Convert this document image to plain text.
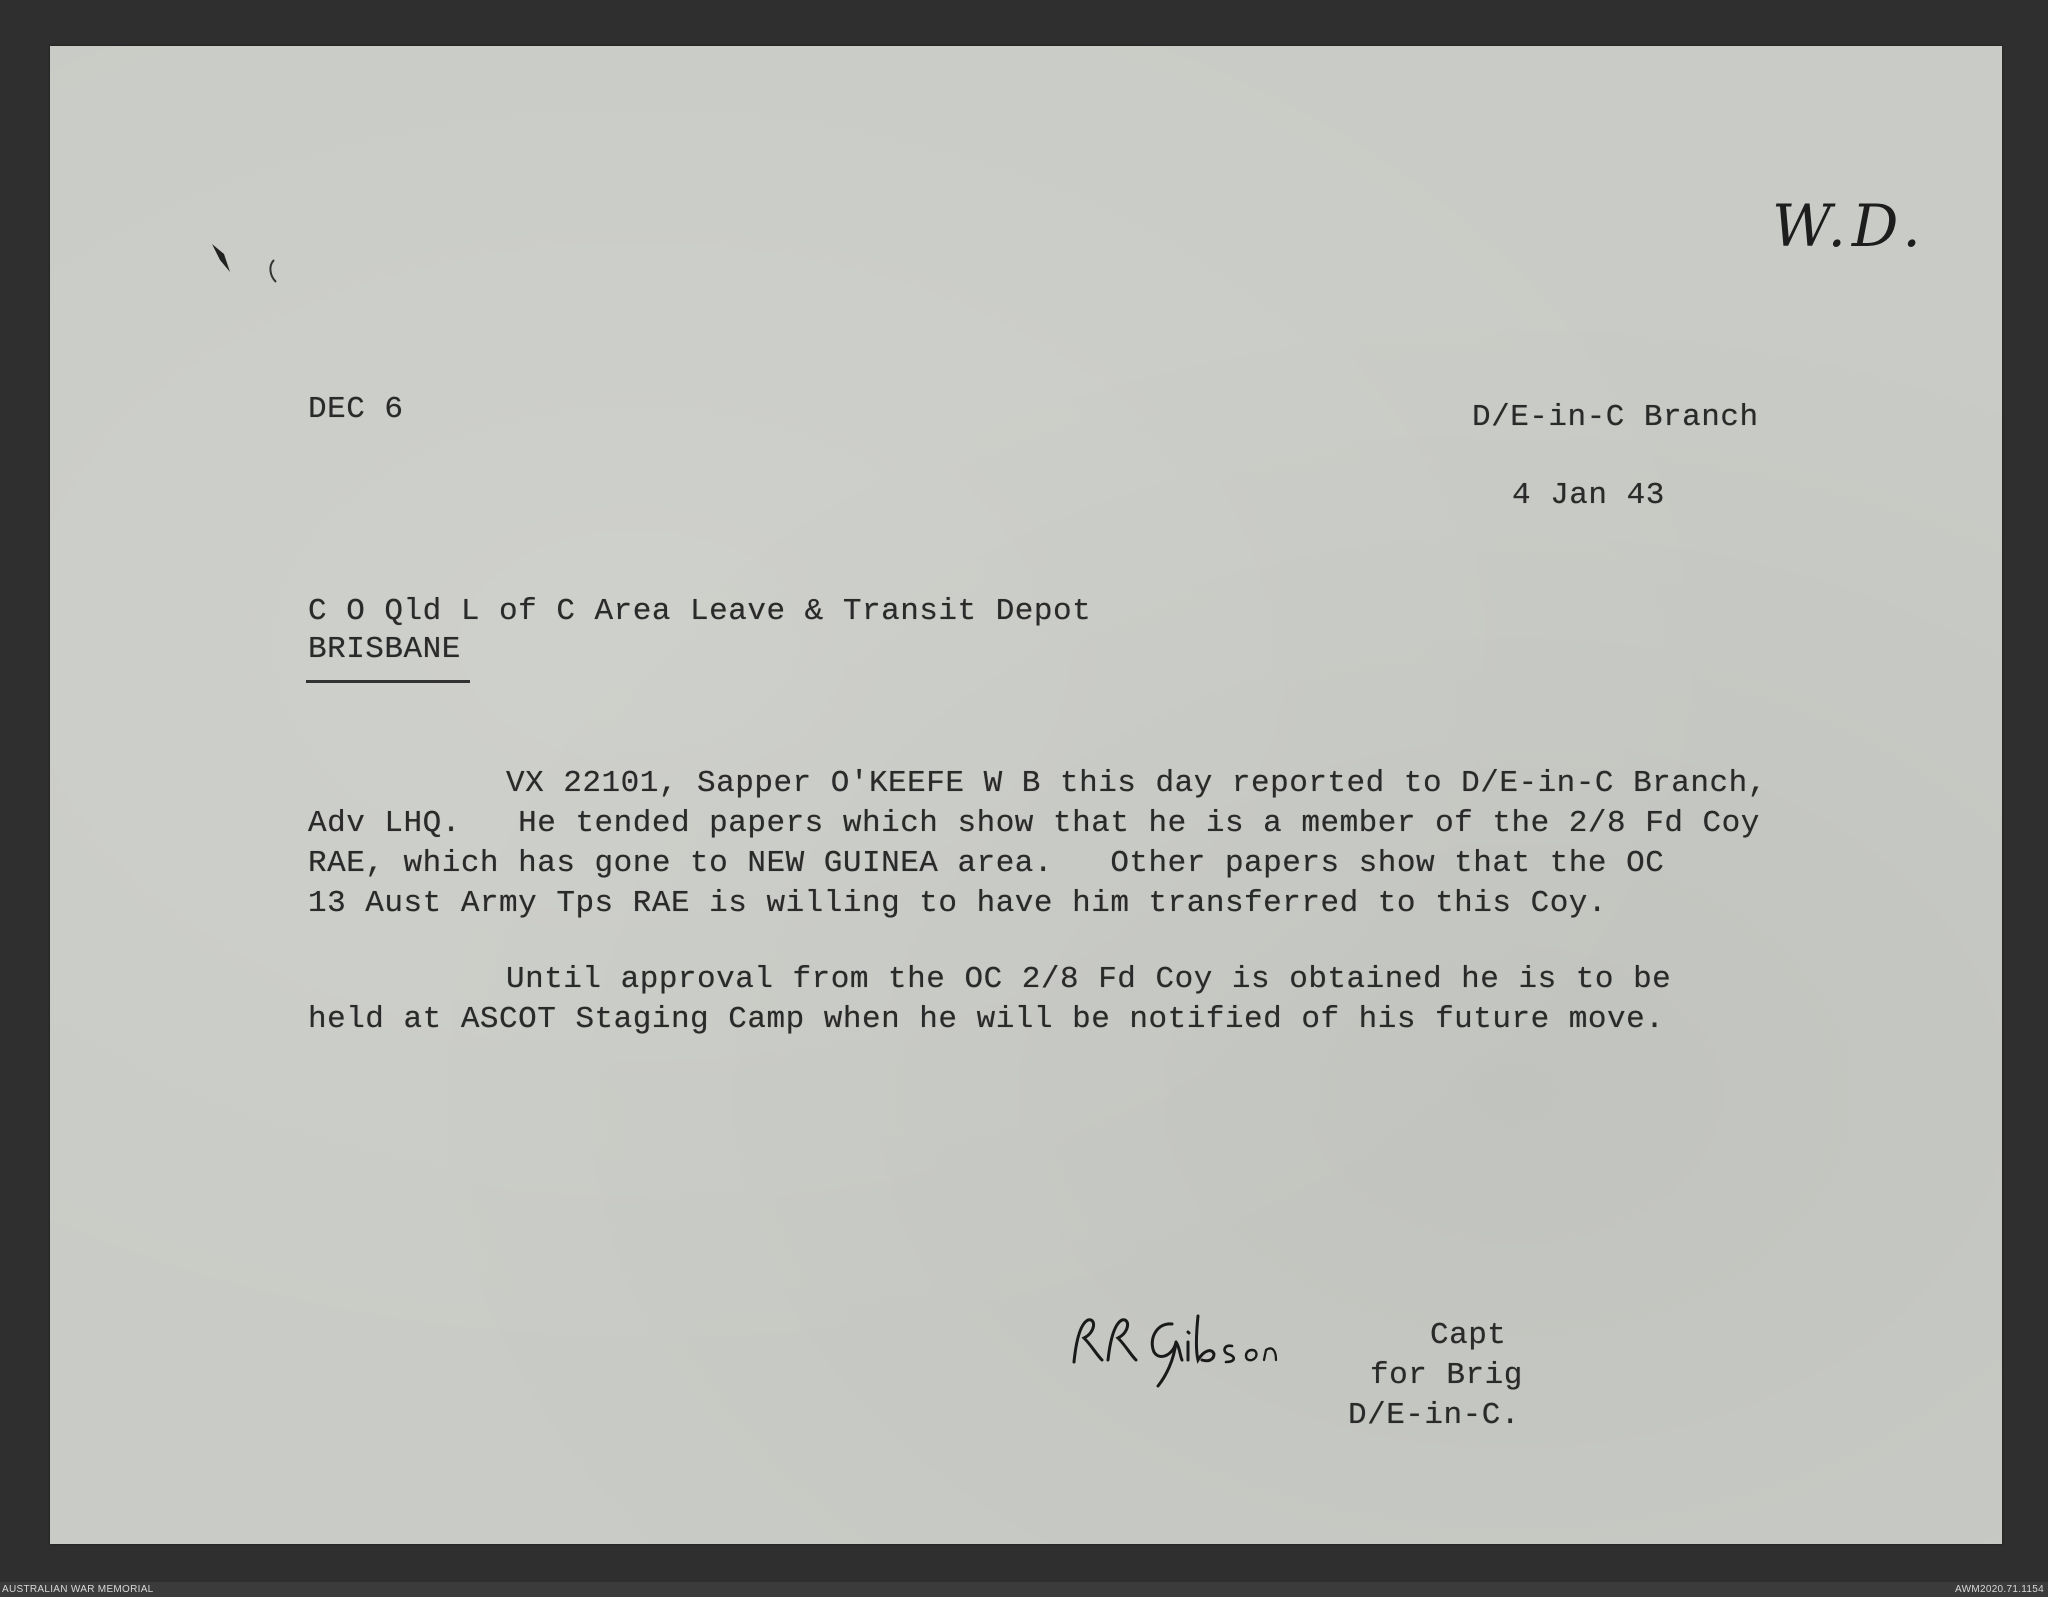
W.D.
DEC 6	D/E-in-C Branch
4 Jan 43
C O Qld L of C Area Leave & Transit Depot
BRISBANE
VX 22101, Sapper O'KEEFE W B this day reported to D/E-in-C Branch,
Adv LHQ.   He tended papers which show that he is a member of the 2/8 Fd Coy
RAE, which has gone to NEW GUINEA area.   Other papers show that the OC
13 Aust Army Tps RAE is willing to have him transferred to this Coy.
Until approval from the OC 2/8 Fd Coy is obtained he is to be
held at ASCOT Staging Camp when he will be notified of his future move.
Capt
for Brig
D/E-in-C.
AUSTRALIAN WAR MEMORIAL	AWM2020.71.1154
